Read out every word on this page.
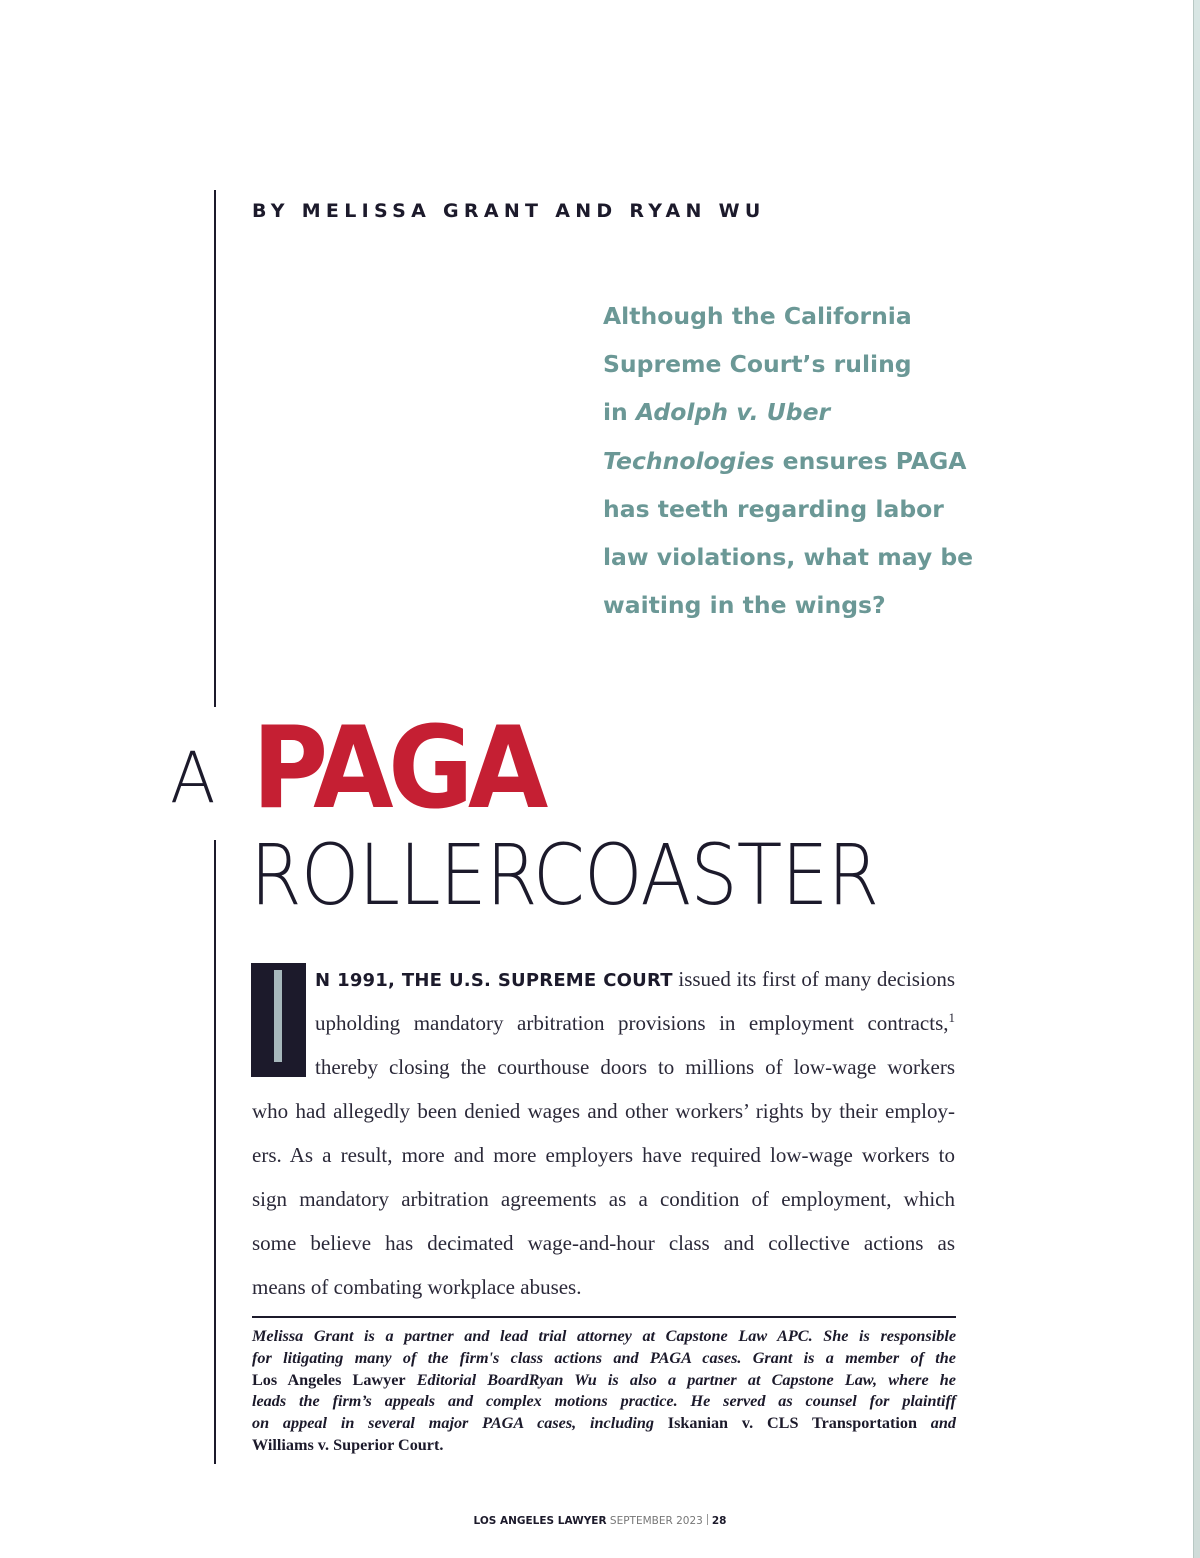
BY MELISSA GRANT AND RYAN WU
Although the California
Supreme Court’s ruling
in Adolph v. Uber
Technologies ensures PAGA
has teeth regarding labor
law violations, what may be
waiting in the wings?
A PAGA
ROLLERCOASTER
N 1991, THE U.S. SUPREME COURT issued its first of many decisions
upholding mandatory arbitration provisions in employment contracts,$^1$
thereby closing the courthouse doors to millions of low-wage workers
who had allegedly been denied wages and other workers’ rights by their employ-
ers. As a result, more and more employers have required low-wage workers to
sign mandatory arbitration agreements as a condition of employment, which
some believe has decimated wage-and-hour class and collective actions as
means of combating workplace abuses.
Melissa Grant is a partner and lead trial attorney at Capstone Law APC. She is responsible
for litigating many of the firm's class actions and PAGA cases. Grant is a member of the
Los Angeles Lawyer Editorial BoardRyan Wu is also a partner at Capstone Law, where he
leads the firm’s appeals and complex motions practice. He served as counsel for plaintiff
on appeal in several major PAGA cases, including Iskanian v. CLS Transportation and
Williams v. Superior Court.
LOS ANGELES LAWYER SEPTEMBER 2023 28
